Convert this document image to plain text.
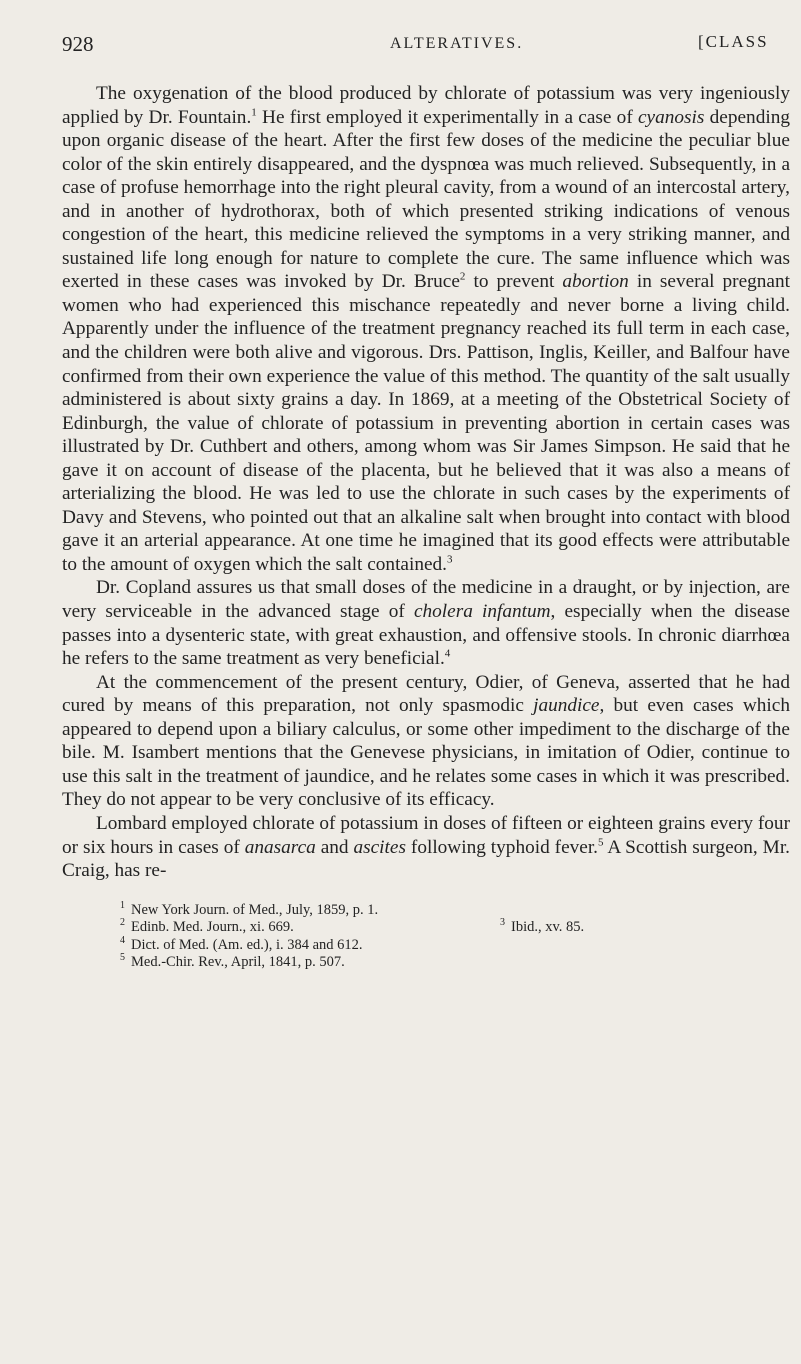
928	ALTERATIVES.	[CLASS

The oxygenation of the blood produced by chlorate of potassium was very ingeniously applied by Dr. Fountain.$^1$ He first employed it experimentally in a case of cyanosis depending upon organic disease of the heart. After the first few doses of the medicine the peculiar blue color of the skin entirely disappeared, and the dyspnœa was much relieved. Subsequently, in a case of profuse hemorrhage into the right pleural cavity, from a wound of an intercostal artery, and in another of hydrothorax, both of which presented striking indications of venous congestion of the heart, this medicine relieved the symptoms in a very striking manner, and sustained life long enough for nature to complete the cure. The same influence which was exerted in these cases was invoked by Dr. Bruce$^2$ to prevent abortion in several pregnant women who had experienced this mischance repeatedly and never borne a living child. Apparently under the influence of the treatment pregnancy reached its full term in each case, and the children were both alive and vigorous. Drs. Pattison, Inglis, Keiller, and Balfour have confirmed from their own experience the value of this method. The quantity of the salt usually administered is about sixty grains a day. In 1869, at a meeting of the Obstetrical Society of Edinburgh, the value of chlorate of potassium in preventing abortion in certain cases was illustrated by Dr. Cuthbert and others, among whom was Sir James Simpson. He said that he gave it on account of disease of the placenta, but he believed that it was also a means of arterializing the blood. He was led to use the chlorate in such cases by the experiments of Davy and Stevens, who pointed out that an alkaline salt when brought into contact with blood gave it an arterial appearance. At one time he imagined that its good effects were attributable to the amount of oxygen which the salt contained.$^3$

Dr. Copland assures us that small doses of the medicine in a draught, or by injection, are very serviceable in the advanced stage of cholera infantum, especially when the disease passes into a dysenteric state, with great exhaustion, and offensive stools. In chronic diarrhœa he refers to the same treatment as very beneficial.$^4$

At the commencement of the present century, Odier, of Geneva, asserted that he had cured by means of this preparation, not only spasmodic jaundice, but even cases which appeared to depend upon a biliary calculus, or some other impediment to the discharge of the bile. M. Isambert mentions that the Genevese physicians, in imitation of Odier, continue to use this salt in the treatment of jaundice, and he relates some cases in which it was prescribed. They do not appear to be very conclusive of its efficacy.

Lombard employed chlorate of potassium in doses of fifteen or eighteen grains every four or six hours in cases of anasarca and ascites following typhoid fever.$^5$ A Scottish surgeon, Mr. Craig, has re-

$^1$ New York Journ. of Med., July, 1859, p. 1.
$^2$ Edinb. Med. Journ., xi. 669.	$^3$ Ibid., xv. 85.
$^4$ Dict. of Med. (Am. ed.), i. 384 and 612.
$^5$ Med.-Chir. Rev., April, 1841, p. 507.
